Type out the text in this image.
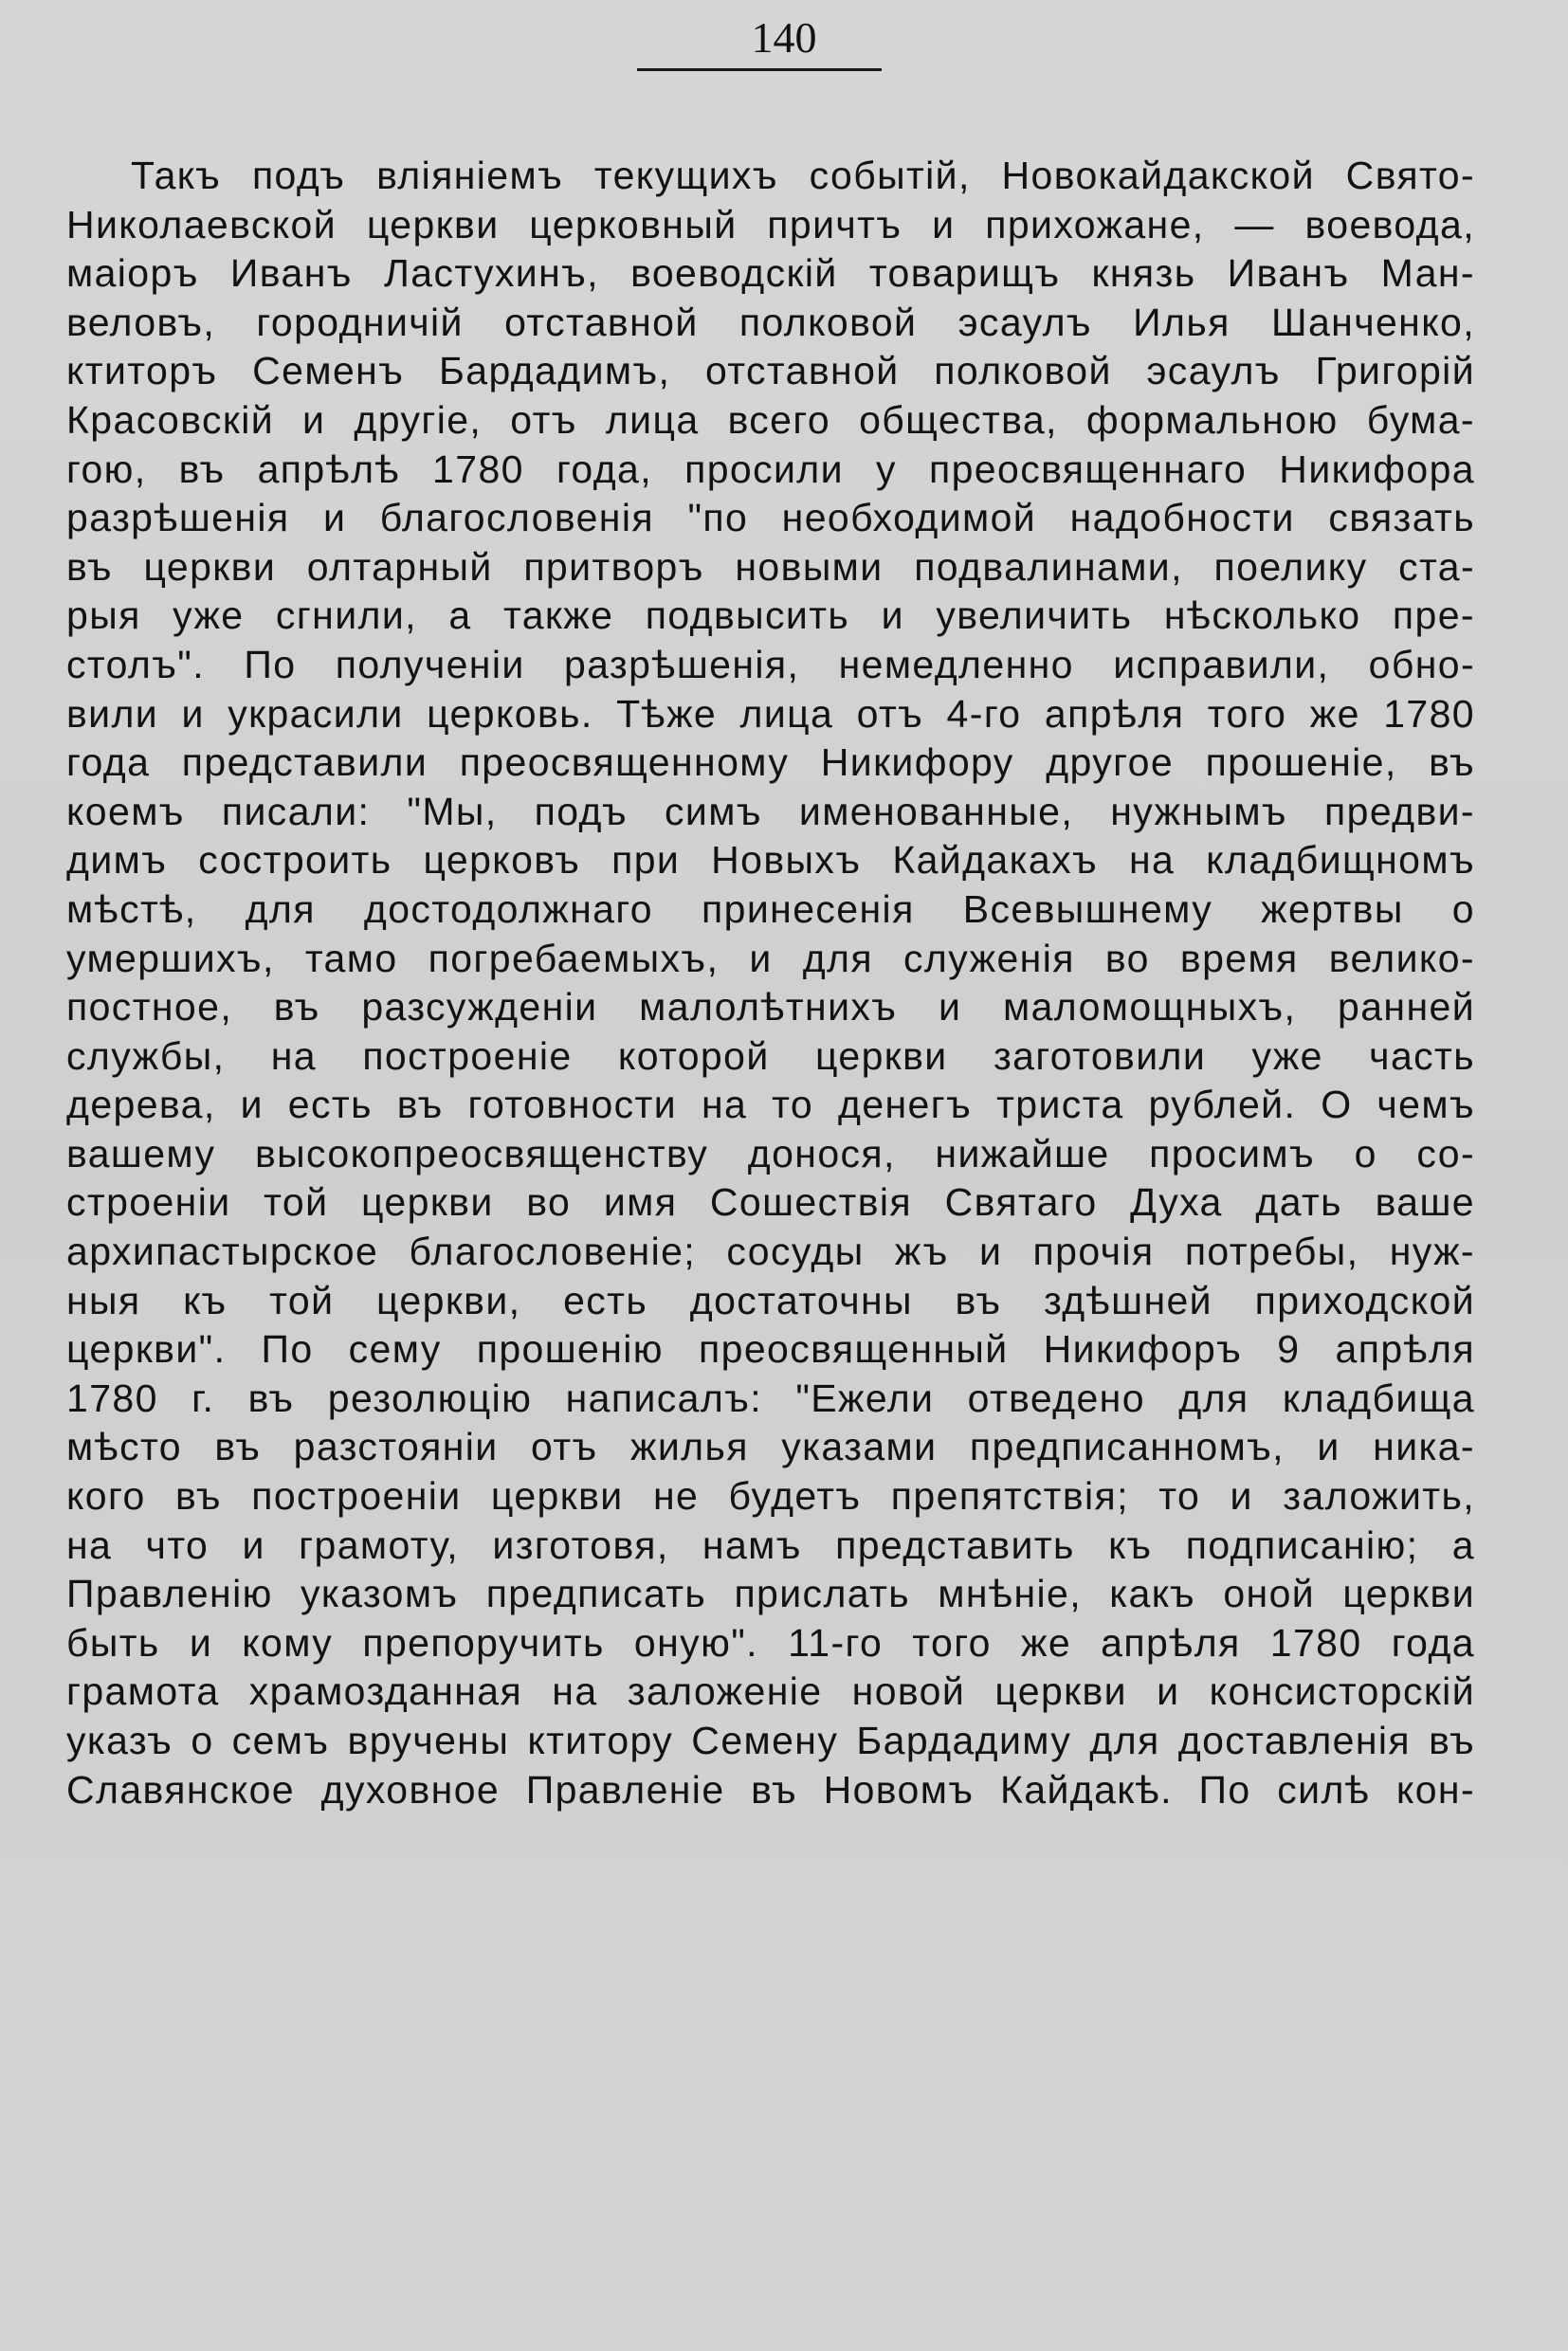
140
Такъ подъ вліяніемъ текущихъ событій, Новокайдакской Свято-
Николаевской церкви церковный причтъ и прихожане, — воевода,
маіоръ Иванъ Ластухинъ, воеводскій товарищъ князь Иванъ Ман-
веловъ, городничій отставной полковой эсаулъ Илья Шанченко,
ктиторъ Семенъ Бардадимъ, отставной полковой эсаулъ Григорій
Красовскій и другіе, отъ лица всего общества, формальною бума-
гою, въ апрѣлѣ 1780 года, просили у преосвященнаго Никифора
разрѣшенія и благословенія "по необходимой надобности связать
въ церкви олтарный притворъ новыми подвалинами, поелику ста-
рыя уже сгнили, а также подвысить и увеличить нѣсколько пре-
столъ". По полученіи разрѣшенія, немедленно исправили, обно-
вили и украсили церковь. Тѣже лица отъ 4-го апрѣля того же 1780
года представили преосвященному Никифору другое прошеніе, въ
коемъ писали: "Мы, подъ симъ именованные, нужнымъ предви-
димъ состроить церковъ при Новыхъ Кайдакахъ на кладбищномъ
мѣстѣ, для достодолжнаго принесенія Всевышнему жертвы о
умершихъ, тамо погребаемыхъ, и для служенія во время велико-
постное, въ разсужденіи малолѣтнихъ и маломощныхъ, ранней
службы, на построеніе которой церкви заготовили уже часть
дерева, и есть въ готовности на то денегъ триста рублей. О чемъ
вашему высокопреосвященству донося, нижайше просимъ о со-
строеніи той церкви во имя Сошествія Святаго Духа дать ваше
архипастырское благословеніе; сосуды жъ и прочія потребы, нуж-
ныя къ той церкви, есть достаточны въ здѣшней приходской
церкви". По сему прошенію преосвященный Никифоръ 9 апрѣля
1780 г. въ резолюцію написалъ: "Ежели отведено для кладбища
мѣсто въ разстояніи отъ жилья указами предписанномъ, и ника-
кого въ построеніи церкви не будетъ препятствія; то и заложить,
на что и грамоту, изготовя, намъ представить къ подписанію; а
Правленію указомъ предписать прислать мнѣніе, какъ оной церкви
быть и кому препоручить оную". 11-го того же апрѣля 1780 года
грамота храмозданная на заложеніе новой церкви и консисторскій
указъ о семъ вручены ктитору Семену Бардадиму для доставленія въ
Славянское духовное Правленіе въ Новомъ Кайдакѣ. По силѣ кон-
